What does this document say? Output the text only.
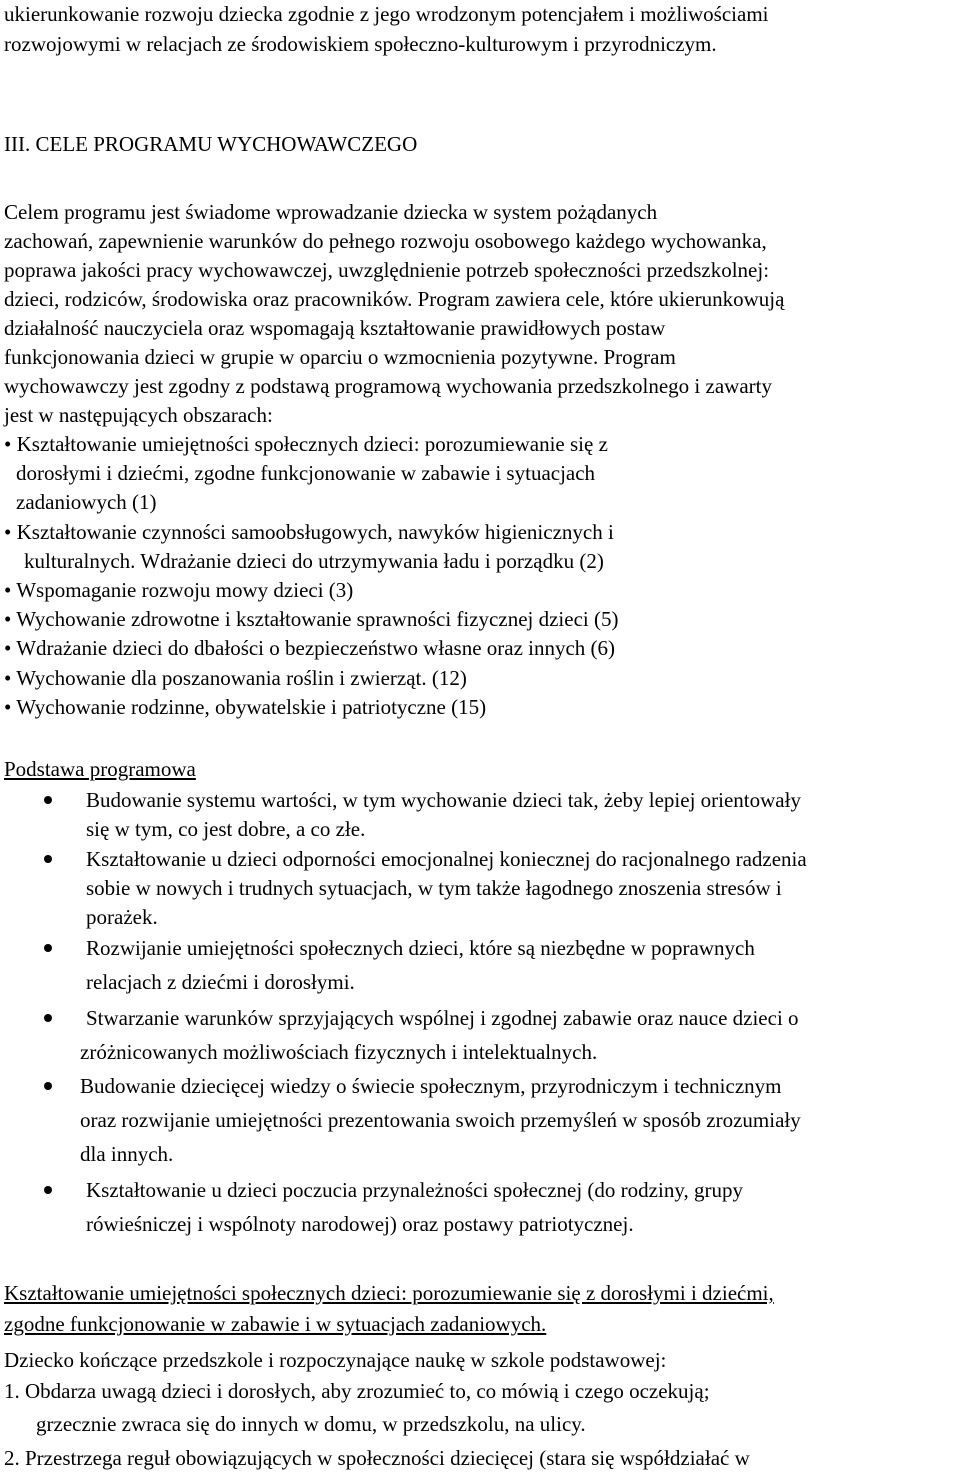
ukierunkowanie rozwoju dziecka zgodnie z jego wrodzonym potencjałem i możliwościami

rozwojowymi w relacjach ze środowiskiem społeczno-kulturowym i przyrodniczym.

III. CELE PROGRAMU WYCHOWAWCZEGO

Celem programu jest świadome wprowadzanie dziecka w system pożądanych

zachowań, zapewnienie warunków do pełnego rozwoju osobowego każdego wychowanka,

poprawa jakości pracy wychowawczej, uwzględnienie potrzeb społeczności przedszkolnej:

dzieci, rodziców, środowiska oraz pracowników. Program zawiera cele, które ukierunkowują

działalność nauczyciela oraz wspomagają kształtowanie prawidłowych postaw

funkcjonowania dzieci w grupie w oparciu o wzmocnienia pozytywne. Program

wychowawczy jest zgodny z podstawą programową wychowania przedszkolnego i zawarty

jest w następujących obszarach:

• Kształtowanie umiejętności społecznych dzieci: porozumiewanie się z

dorosłymi i dziećmi, zgodne funkcjonowanie w zabawie i sytuacjach

zadaniowych (1)

• Kształtowanie czynności samoobsługowych, nawyków higienicznych i

kulturalnych. Wdrażanie dzieci do utrzymywania ładu i porządku (2)

• Wspomaganie rozwoju mowy dzieci (3)

• Wychowanie zdrowotne i kształtowanie sprawności fizycznej dzieci (5)

• Wdrażanie dzieci do dbałości o bezpieczeństwo własne oraz innych (6)

• Wychowanie dla poszanowania roślin i zwierząt. (12)

• Wychowanie rodzinne, obywatelskie i patriotyczne (15)

Podstawa programowa

Budowanie systemu wartości, w tym wychowanie dzieci tak, żeby lepiej orientowały

się w tym, co jest dobre, a co złe.

Kształtowanie u dzieci odporności emocjonalnej koniecznej do racjonalnego radzenia

sobie w nowych i trudnych sytuacjach, w tym także łagodnego znoszenia stresów i

porażek.

Rozwijanie umiejętności społecznych dzieci, które są niezbędne w poprawnych

relacjach z dziećmi i dorosłymi.

Stwarzanie warunków sprzyjających wspólnej i zgodnej zabawie oraz nauce dzieci o

zróżnicowanych możliwościach fizycznych i intelektualnych.

Budowanie dziecięcej wiedzy o świecie społecznym, przyrodniczym i technicznym

oraz rozwijanie umiejętności prezentowania swoich przemyśleń w sposób zrozumiały

dla innych.

Kształtowanie u dzieci poczucia przynależności społecznej (do rodziny, grupy

rówieśniczej i wspólnoty narodowej) oraz postawy patriotycznej.

Kształtowanie umiejętności społecznych dzieci: porozumiewanie się z dorosłymi i dziećmi,

zgodne funkcjonowanie w zabawie i w sytuacjach zadaniowych.

Dziecko kończące przedszkole i rozpoczynające naukę w szkole podstawowej:

1. Obdarza uwagą dzieci i dorosłych, aby zrozumieć to, co mówią i czego oczekują;

grzecznie zwraca się do innych w domu, w przedszkolu, na ulicy.

2. Przestrzega reguł obowiązujących w społeczności dziecięcej (stara się współdziałać w
